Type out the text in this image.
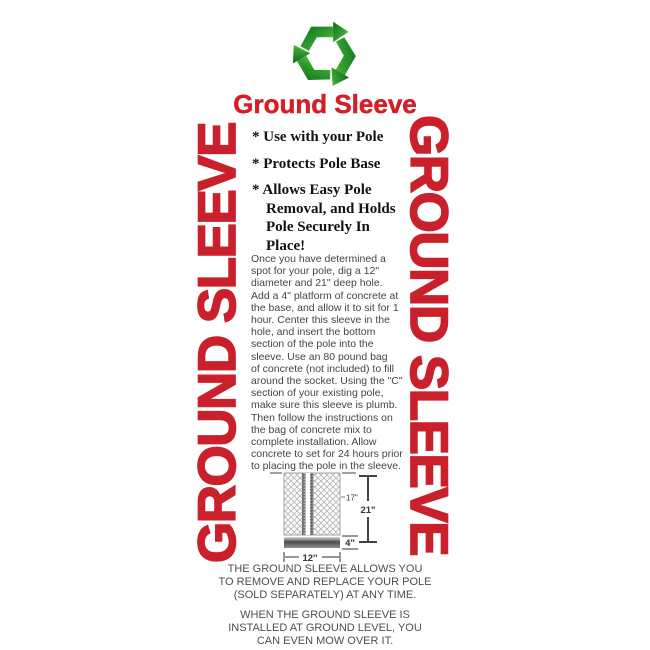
Ground Sleeve
GROUND SLEEVE	GROUND SLEEVE
* Use with your Pole
* Protects Pole Base
* Allows Easy Pole Removal, and Holds Pole Securely In Place!
Once you have determined a
spot for your pole, dig a 12"
diameter and 21" deep hole.
Add a 4" platform of concrete at
the base, and allow it to sit for 1
hour. Center this sleeve in the
hole, and insert the bottom
section of the pole into the
sleeve. Use an 80 pound bag
of concrete (not included) to fill
around the socket. Using the "C"
section of your existing pole,
make sure this sleeve is plumb.
Then follow the instructions on
the bag of concrete mix to
complete installation. Allow
concrete to set for 24 hours prior
to placing the pole in the sleeve.
21"
17"
4"
12''
THE GROUND SLEEVE ALLOWS YOU
TO REMOVE AND REPLACE YOUR POLE
(SOLD SEPARATELY) AT ANY TIME.
WHEN THE GROUND SLEEVE IS
INSTALLED AT GROUND LEVEL, YOU
CAN EVEN MOW OVER IT.
